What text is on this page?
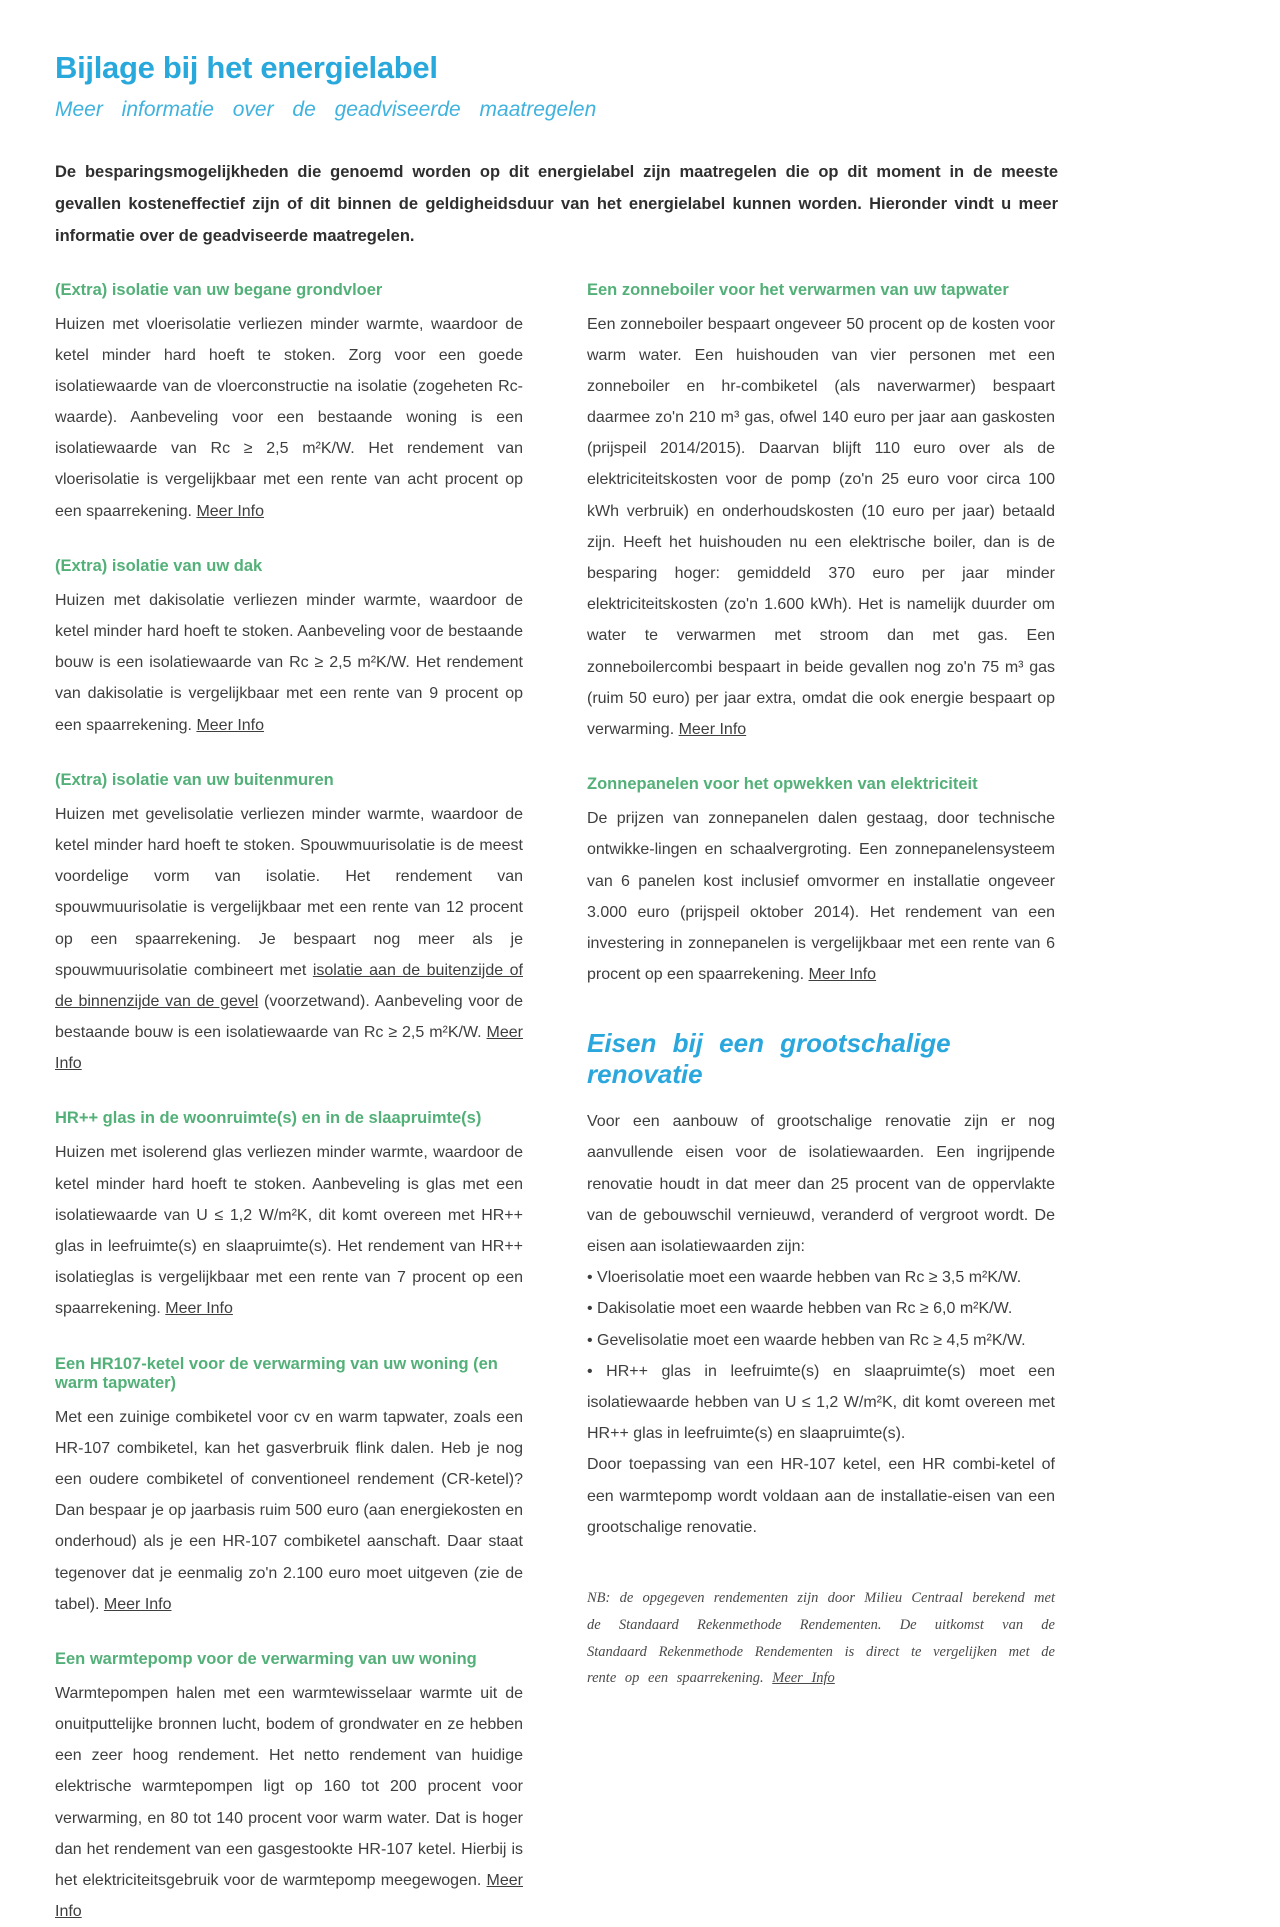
Bijlage bij het energielabel
Meer informatie over de geadviseerde maatregelen

De besparingsmogelijkheden die genoemd worden op dit energielabel zijn maatregelen die op dit moment in de meeste gevallen kosteneffectief zijn of dit binnen de geldigheidsduur van het energielabel kunnen worden. Hieronder vindt u meer informatie over de geadviseerde maatregelen.

(Extra) isolatie van uw begane grondvloer

Huizen met vloerisolatie verliezen minder warmte, waardoor de ketel minder hard hoeft te stoken. Zorg voor een goede isolatiewaarde van de vloerconstructie na isolatie (zogeheten Rc-waarde). Aanbeveling voor een bestaande woning is een isolatiewaarde van Rc ≥ 2,5 m²K/W. Het rendement van vloerisolatie is vergelijkbaar met een rente van acht procent op een spaarrekening. Meer Info

(Extra) isolatie van uw dak

Huizen met dakisolatie verliezen minder warmte, waardoor de ketel minder hard hoeft te stoken. Aanbeveling voor de bestaande bouw is een isolatiewaarde van Rc ≥ 2,5 m²K/W. Het rendement van dakisolatie is vergelijkbaar met een rente van 9 procent op een spaarrekening. Meer Info

(Extra) isolatie van uw buitenmuren

Huizen met gevelisolatie verliezen minder warmte, waardoor de ketel minder hard hoeft te stoken. Spouwmuurisolatie is de meest voordelige vorm van isolatie. Het rendement van spouwmuurisolatie is vergelijkbaar met een rente van 12 procent op een spaarrekening. Je bespaart nog meer als je spouwmuurisolatie combineert met isolatie aan de buitenzijde of de binnenzijde van de gevel (voorzetwand). Aanbeveling voor de bestaande bouw is een isolatiewaarde van Rc ≥ 2,5 m²K/W. Meer Info

HR++ glas in de woonruimte(s) en in de slaapruimte(s)

Huizen met isolerend glas verliezen minder warmte, waardoor de ketel minder hard hoeft te stoken. Aanbeveling is glas met een isolatiewaarde van U ≤ 1,2 W/m²K, dit komt overeen met HR++ glas in leefruimte(s) en slaapruimte(s). Het rendement van HR++ isolatieglas is vergelijkbaar met een rente van 7 procent op een spaarrekening. Meer Info

Een HR107-ketel voor de verwarming van uw woning (en warm tapwater)

Met een zuinige combiketel voor cv en warm tapwater, zoals een HR-107 combiketel, kan het gasverbruik flink dalen. Heb je nog een oudere combiketel of conventioneel rendement (CR-ketel)? Dan bespaar je op jaarbasis ruim 500 euro (aan energiekosten en onderhoud) als je een HR-107 combiketel aanschaft. Daar staat tegenover dat je eenmalig zo'n 2.100 euro moet uitgeven (zie de tabel). Meer Info

Een warmtepomp voor de verwarming van uw woning

Warmtepompen halen met een warmtewisselaar warmte uit de onuitputtelijke bronnen lucht, bodem of grondwater en ze hebben een zeer hoog rendement. Het netto rendement van huidige elektrische warmtepompen ligt op 160 tot 200 procent voor verwarming, en 80 tot 140 procent voor warm water. Dat is hoger dan het rendement van een gasgestookte HR-107 ketel. Hierbij is het elektriciteitsgebruik voor de warmtepomp meegewogen. Meer Info

Een zonneboiler voor het verwarmen van uw tapwater

Een zonneboiler bespaart ongeveer 50 procent op de kosten voor warm water. Een huishouden van vier personen met een zonneboiler en hr-combiketel (als naverwarmer) bespaart daarmee zo'n 210 m³ gas, ofwel 140 euro per jaar aan gaskosten (prijspeil 2014/2015). Daarvan blijft 110 euro over als de elektriciteitskosten voor de pomp (zo'n 25 euro voor circa 100 kWh verbruik) en onderhoudskosten (10 euro per jaar) betaald zijn. Heeft het huishouden nu een elektrische boiler, dan is de besparing hoger: gemiddeld 370 euro per jaar minder elektriciteitskosten (zo'n 1.600 kWh). Het is namelijk duurder om water te verwarmen met stroom dan met gas. Een zonneboilercombi bespaart in beide gevallen nog zo'n 75 m³ gas (ruim 50 euro) per jaar extra, omdat die ook energie bespaart op verwarming. Meer Info

Zonnepanelen voor het opwekken van elektriciteit

De prijzen van zonnepanelen dalen gestaag, door technische ontwikke-lingen en schaalvergroting. Een zonnepanelensysteem van 6 panelen kost inclusief omvormer en installatie ongeveer 3.000 euro (prijspeil oktober 2014). Het rendement van een investering in zonnepanelen is vergelijkbaar met een rente van 6 procent op een spaarrekening. Meer Info

Eisen bij een grootschalige renovatie

Voor een aanbouw of grootschalige renovatie zijn er nog aanvullende eisen voor de isolatiewaarden. Een ingrijpende renovatie houdt in dat meer dan 25 procent van de oppervlakte van de gebouwschil vernieuwd, veranderd of vergroot wordt. De eisen aan isolatiewaarden zijn:

• Vloerisolatie moet een waarde hebben van Rc ≥ 3,5 m²K/W.

• Dakisolatie moet een waarde hebben van Rc ≥ 6,0 m²K/W.

• Gevelisolatie moet een waarde hebben van Rc ≥ 4,5 m²K/W.

• HR++ glas in leefruimte(s) en slaapruimte(s) moet een isolatiewaarde hebben van U ≤ 1,2 W/m²K, dit komt overeen met HR++ glas in leefruimte(s) en slaapruimte(s).

Door toepassing van een HR-107 ketel, een HR combi-ketel of een warmtepomp wordt voldaan aan de installatie-eisen van een grootschalige renovatie.

NB: de opgegeven rendementen zijn door Milieu Centraal berekend met de Standaard Rekenmethode Rendementen. De uitkomst van de Standaard Rekenmethode Rendementen is direct te vergelijken met de rente op een spaarrekening. Meer Info
